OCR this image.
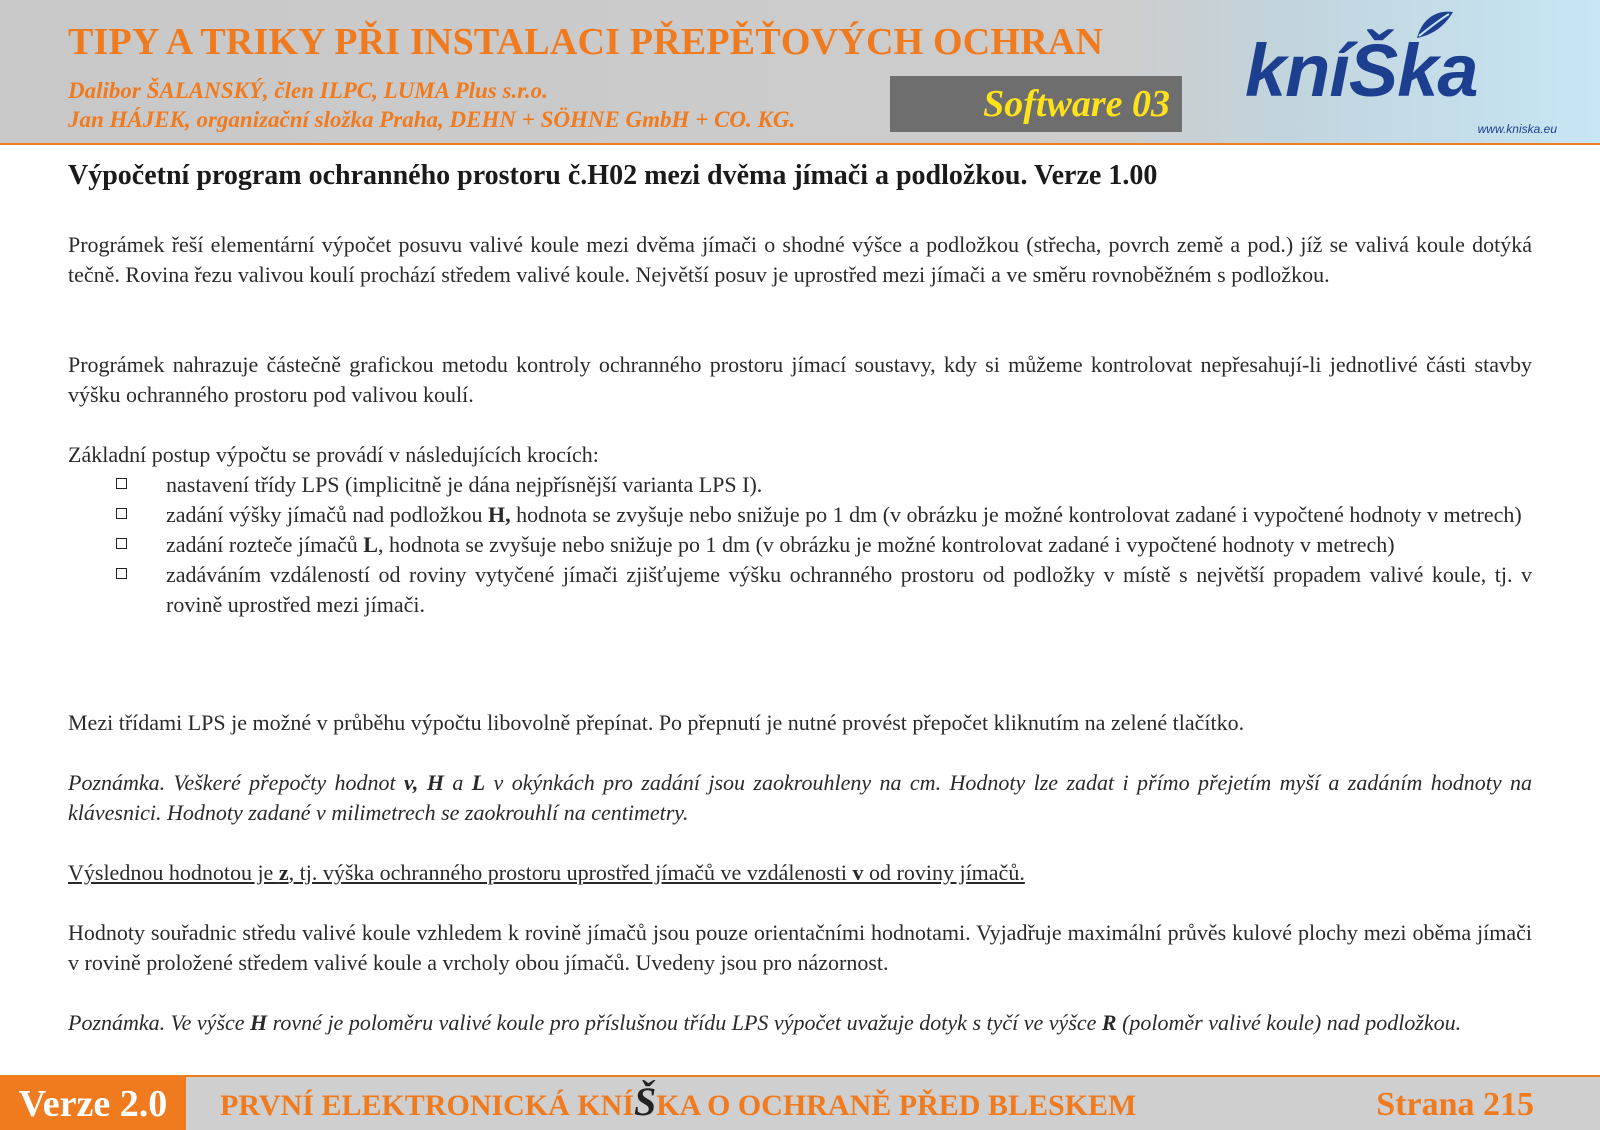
TIPY A TRIKY PŘI INSTALACI PŘEPĚŤOVÝCH OCHRAN
Dalibor ŠALANSKÝ, člen ILPC, LUMA Plus s.r.o.
Jan HÁJEK, organizační složka Praha, DEHN + SÖHNE GmbH + CO. KG.	Software 03 kníŠka
www.kniska.eu
Výpočetní program ochranného prostoru č.H02 mezi dvěma jímači a podložkou. Verze 1.00

Prográmek řeší elementární výpočet posuvu valivé koule mezi dvěma jímači o shodné výšce a podložkou (střecha, povrch země a pod.) jíž se valivá koule dotýká tečně. Rovina řezu valivou koulí prochází středem valivé koule. Největší posuv je uprostřed mezi jímači a ve směru rovnoběžném s podložkou.

Prográmek nahrazuje částečně grafickou metodu kontroly ochranného prostoru jímací soustavy, kdy si můžeme kontrolovat nepřesahují-li jednotlivé části stavby výšku ochranného prostoru pod valivou koulí.

Základní postup výpočtu se provádí v následujících krocích:

nastavení třídy LPS (implicitně je dána nejpřísnější varianta LPS I).
zadání výšky jímačů nad podložkou H, hodnota se zvyšuje nebo snižuje po 1 dm (v obrázku je možné kontrolovat zadané i vypočtené hodnoty v metrech)
zadání rozteče jímačů L, hodnota se zvyšuje nebo snižuje po 1 dm (v obrázku je možné kontrolovat zadané i vypočtené hodnoty v metrech)
zadáváním vzdáleností od roviny vytyčené jímači zjišťujeme výšku ochranného prostoru od podložky v místě s největší propadem valivé koule, tj. v rovině uprostřed mezi jímači.

Mezi třídami LPS je možné v průběhu výpočtu libovolně přepínat. Po přepnutí je nutné provést přepočet kliknutím na zelené tlačítko.

Poznámka. Veškeré přepočty hodnot v, H a L v okýnkách pro zadání jsou zaokrouhleny na cm. Hodnoty lze zadat i přímo přejetím myší a zadáním hodnoty na klávesnici. Hodnoty zadané v milimetrech se zaokrouhlí na centimetry.

Výslednou hodnotou je z, tj. výška ochranného prostoru uprostřed jímačů ve vzdálenosti v od roviny jímačů.

Hodnoty souřadnic středu valivé koule vzhledem k rovině jímačů jsou pouze orientačními hodnotami. Vyjadřuje maximální průvěs kulové plochy mezi oběma jímači v rovině proložené středem valivé koule a vrcholy obou jímačů. Uvedeny jsou pro názornost.

Poznámka. Ve výšce H rovné je poloměru valivé koule pro příslušnou třídu LPS výpočet uvažuje dotyk s tyčí ve výšce R (poloměr valivé koule) nad podložkou.

Verze 2.0 PRVNÍ ELEKTRONICKÁ KNÍŠKA O OCHRANĚ PŘED BLESKEM	Strana 215
